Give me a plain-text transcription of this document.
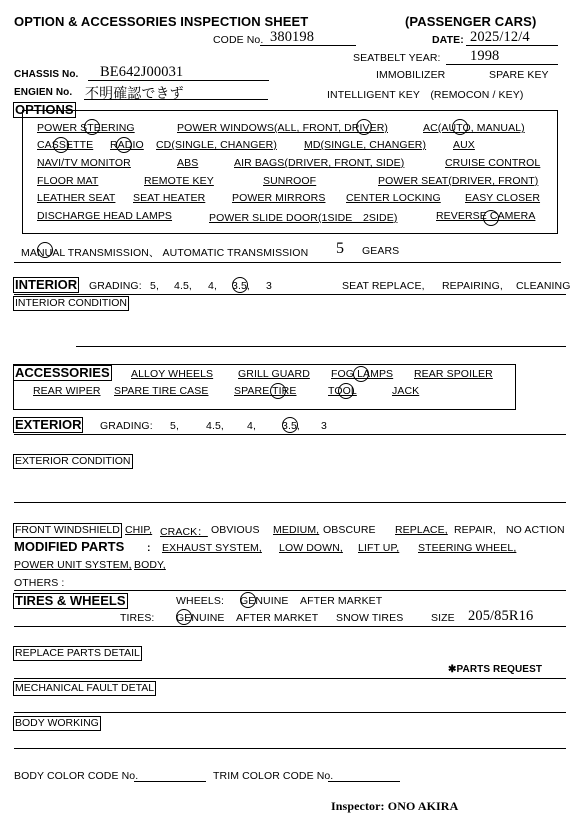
OPTION & ACCESSORIES INSPECTION SHEET	(PASSENGER CARS)
CODE No. 380198	DATE: 2025/12/4
SEATBELT YEAR: 1998
CHASSIS No. BE642J00031	IMMOBILIZER	SPARE KEY
ENGIEN No. 不明確認できず	INTELLIGENT KEY　(REMOCON / KEY)
OPTIONS
POWER STEERING	POWER WINDOWS(ALL, FRONT, DRIVER)	AC(AUTO, MANUAL)
CASSETTE RADIO CD(SINGLE, CHANGER)	MD(SINGLE, CHANGER)	AUX
NAVI/TV MONITOR	ABS	AIR BAGS(DRIVER, FRONT, SIDE)	CRUISE CONTROL
FLOOR MAT	REMOTE KEY	SUNROOF	POWER SEAT(DRIVER, FRONT)
LEATHER SEAT SEAT HEATER	POWER MIRRORS CENTER LOCKING EASY CLOSER
DISCHARGE HEAD LAMPS	POWER SLIDE DOOR(1SIDE　2SIDE)	REVERSE CAMERA
MANUAL TRANSMISSION、 AUTOMATIC TRANSMISSION 5 GEARS
INTERIOR GRADING: 5, 4.5, 4, 3.5, 3	SEAT REPLACE, REPAIRING, CLEANING
INTERIOR CONDITION
ACCESSORIES ALLOY WHEELS GRILL GUARD FOG LAMPS REAR SPOILER
REAR WIPER SPARE TIRE CASE SPARE TIRE	TOOL	JACK
EXTERIOR GRADING: 5,	4.5, 4, 3.5, 3
EXTERIOR CONDITION
FRONT WINDSHIELD CHIP, CRACK： OBVIOUS MEDIUM, OBSCURE REPLACE, REPAIR, NO ACTION
MODIFIED PARTS : EXHAUST SYSTEM, LOW DOWN, LIFT UP, STEERING WHEEL,
POWER UNIT SYSTEM, BODY,
OTHERS :
TIRES & WHEELS	WHEELS: GENUINE AFTER MARKET
TIRES: GENUINE AFTER MARKET SNOW TIRES	SIZE 205/85R16
REPLACE PARTS DETAIL
✱PARTS REQUEST
MECHANICAL FAULT DETAL
BODY WORKING
BODY COLOR CODE No.	TRIM COLOR CODE No.
Inspector: ONO AKIRA
